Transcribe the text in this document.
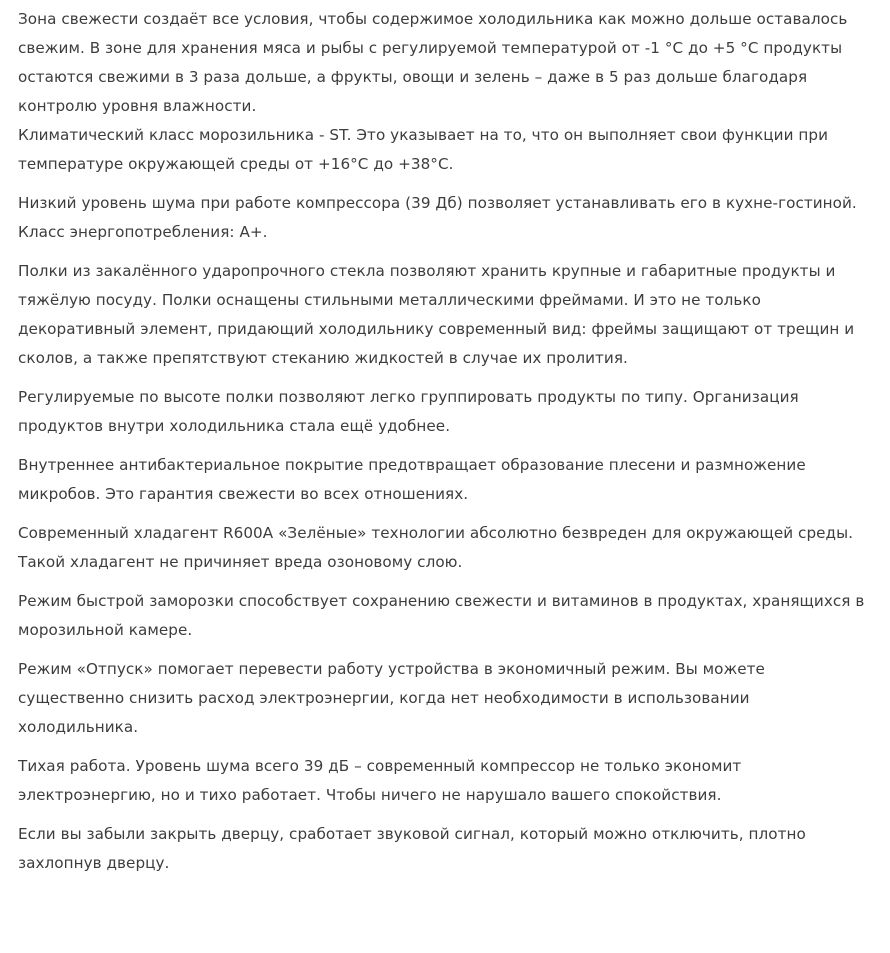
Зона свежести создаёт все условия, чтобы содержимое холодильника как можно дольше оставалось свежим. В зоне для хранения мяса и рыбы с регулируемой температурой от -1 °C до +5 °C продукты остаются свежими в 3 раза дольше, а фрукты, овощи и зелень – даже в 5 раз дольше благодаря контролю уровня влажности.

Климатический класс морозильника - ST. Это указывает на то, что он выполняет свои функции при температуре окружающей среды от +16°C до +38°C.

Низкий уровень шума при работе компрессора (39 Дб) позволяет устанавливать его в кухне-гостиной. Класс энергопотребления: A+.

Полки из закалённого ударопрочного стекла позволяют хранить крупные и габаритные продукты и тяжёлую посуду. Полки оснащены стильными металлическими фреймами. И это не только декоративный элемент, придающий холодильнику современный вид: фреймы защищают от трещин и сколов, а также препятствуют стеканию жидкостей в случае их пролития.

Регулируемые по высоте полки позволяют легко группировать продукты по типу. Организация продуктов внутри холодильника стала ещё удобнее.

Внутреннее антибактериальное покрытие предотвращает образование плесени и размножение микробов. Это гарантия свежести во всех отношениях.

Современный хладагент R600A «Зелёные» технологии абсолютно безвреден для окружающей среды. Такой хладагент не причиняет вреда озоновому слою.

Режим быстрой заморозки способствует сохранению свежести и витаминов в продуктах, хранящихся в морозильной камере.

Режим «Отпуск» помогает перевести работу устройства в экономичный режим. Вы можете существенно снизить расход электроэнергии, когда нет необходимости в использовании холодильника.

Тихая работа. Уровень шума всего 39 дБ – современный компрессор не только экономит электроэнергию, но и тихо работает. Чтобы ничего не нарушало вашего спокойствия.

Если вы забыли закрыть дверцу, сработает звуковой сигнал, который можно отключить, плотно захлопнув дверцу.
